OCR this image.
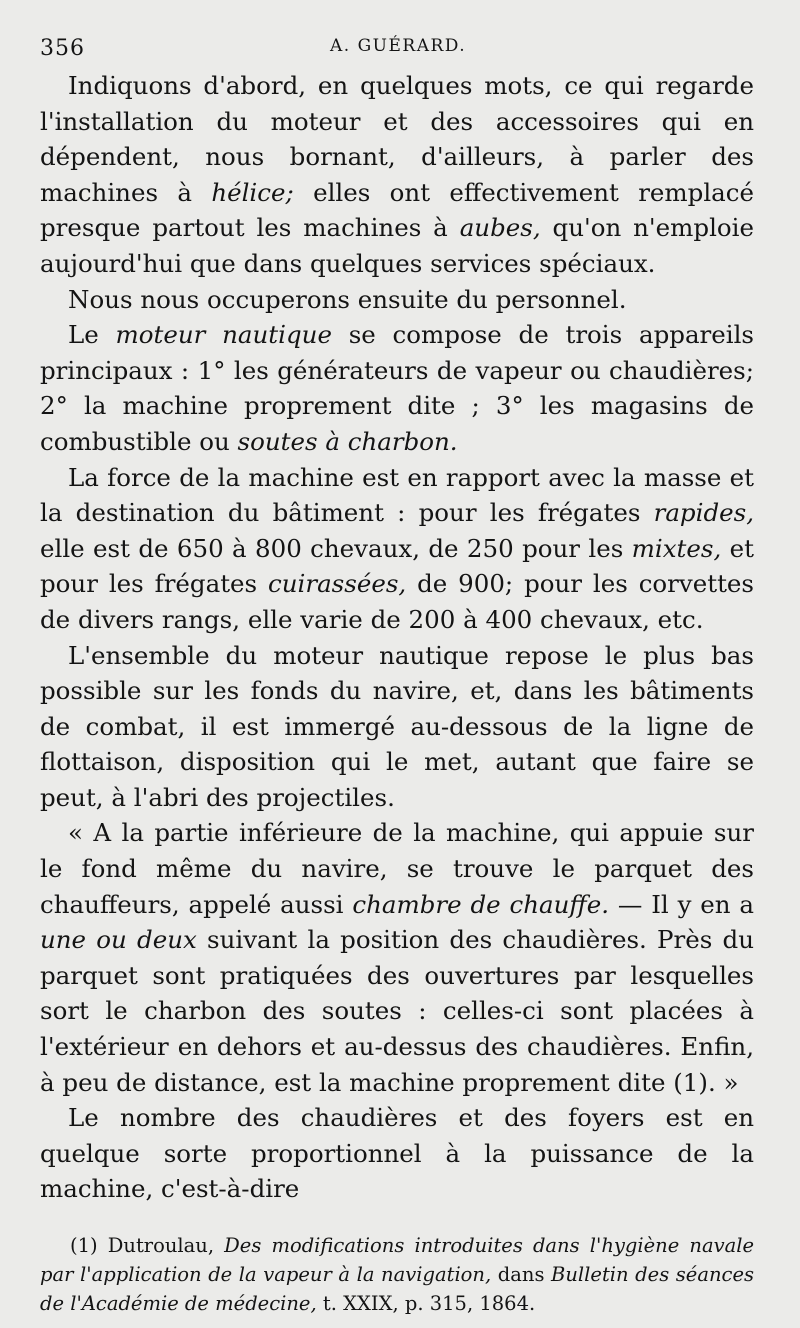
356	A. GUÉRARD.

Indiquons d'abord, en quelques mots, ce qui regarde l'installation du moteur et des accessoires qui en dépendent, nous bornant, d'ailleurs, à parler des machines à hélice; elles ont effectivement remplacé presque partout les machines à aubes, qu'on n'emploie aujourd'hui que dans quelques services spéciaux.

Nous nous occuperons ensuite du personnel.

Le moteur nautique se compose de trois appareils principaux : 1° les générateurs de vapeur ou chaudières; 2° la machine proprement dite ; 3° les magasins de combustible ou soutes à charbon.

La force de la machine est en rapport avec la masse et la destination du bâtiment : pour les frégates rapides, elle est de 650 à 800 chevaux, de 250 pour les mixtes, et pour les frégates cuirassées, de 900; pour les corvettes de divers rangs, elle varie de 200 à 400 chevaux, etc.

L'ensemble du moteur nautique repose le plus bas possible sur les fonds du navire, et, dans les bâtiments de combat, il est immergé au-dessous de la ligne de flottaison, disposition qui le met, autant que faire se peut, à l'abri des projectiles.

« A la partie inférieure de la machine, qui appuie sur le fond même du navire, se trouve le parquet des chauffeurs, appelé aussi chambre de chauffe. — Il y en a une ou deux suivant la position des chaudières. Près du parquet sont pratiquées des ouvertures par lesquelles sort le charbon des soutes : celles-ci sont placées à l'extérieur en dehors et au-dessus des chaudières. Enfin, à peu de distance, est la machine proprement dite (1). »

Le nombre des chaudières et des foyers est en quelque sorte proportionnel à la puissance de la machine, c'est-à-dire

(1) Dutroulau, Des modifications introduites dans l'hygiène navale par l'application de la vapeur à la navigation, dans Bulletin des séances de l'Académie de médecine, t. XXIX, p. 315, 1864.
